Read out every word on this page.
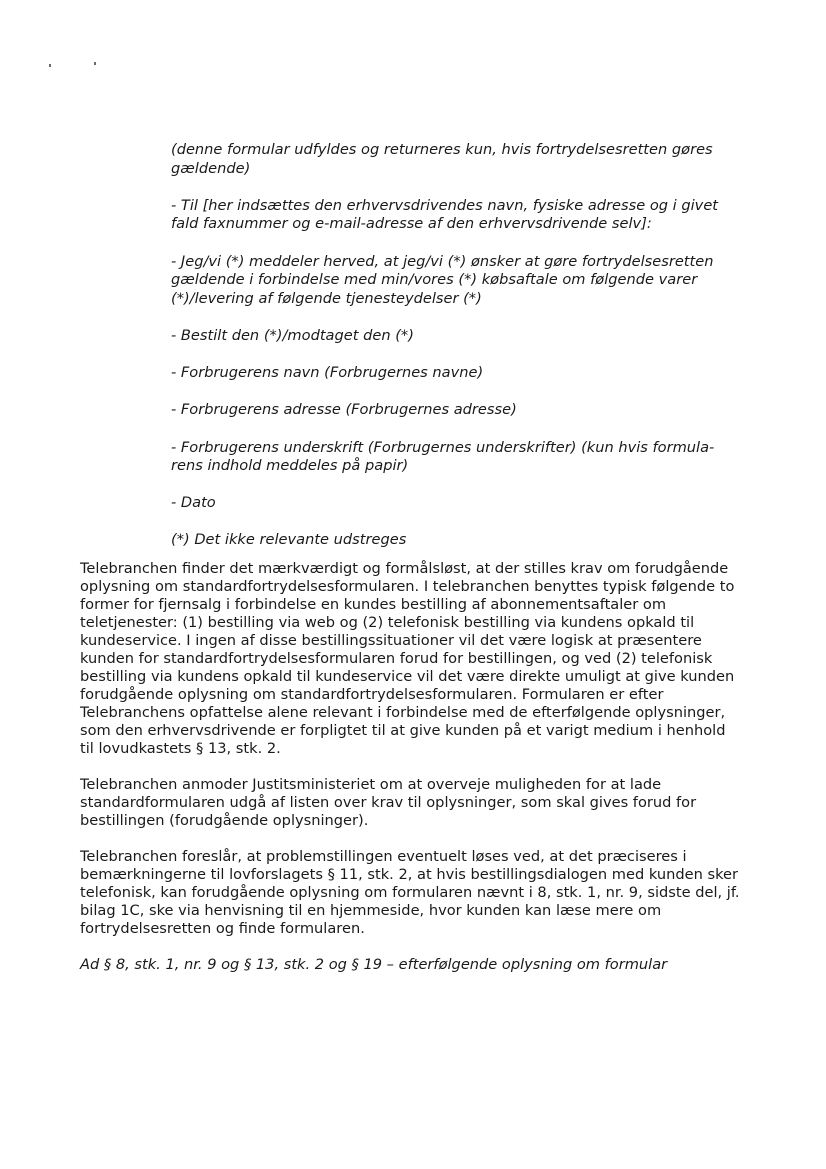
(denne formular udfyldes og returneres kun, hvis fortrydelsesretten gøres gældende)

- Til [her indsættes den erhvervsdrivendes navn, fysiske adresse og i givet fald faxnummer og e-mail-adresse af den erhvervsdrivende selv]:

- Jeg/vi (*) meddeler herved, at jeg/vi (*) ønsker at gøre fortrydelsesretten gældende i forbindelse med min/vores (*) købsaftale om følgende varer (*)/levering af følgende tjenesteydelser (*)

- Bestilt den (*)/modtaget den (*)

- Forbrugerens navn (Forbrugernes navne)

- Forbrugerens adresse (Forbrugernes adresse)

- Forbrugerens underskrift (Forbrugernes underskrifter) (kun hvis formula-rens indhold meddeles på papir)

- Dato

(*) Det ikke relevante udstreges

Telebranchen finder det mærkværdigt og formålsløst, at der stilles krav om forudgående oplysning om standardfortrydelsesformularen. I telebranchen benyttes typisk følgende to former for fjernsalg i forbindelse en kundes bestilling af abonnementsaftaler om teletjenester: (1) bestilling via web og (2) telefonisk bestilling via kundens opkald til kundeservice. I ingen af disse bestillingssituationer vil det være logisk at præsentere kunden for standardfortrydelsesformularen forud for bestillingen, og ved (2) telefonisk bestilling via kundens opkald til kundeservice vil det være direkte umuligt at give kunden forudgående oplysning om standardfortrydelsesformularen. Formularen er efter Telebranchens opfattelse alene relevant i forbindelse med de efterfølgende oplysninger, som den erhvervsdrivende er forpligtet til at give kunden på et varigt medium i henhold til lovudkastets § 13, stk. 2.

Telebranchen anmoder Justitsministeriet om at overveje muligheden for at lade standardformularen udgå af listen over krav til oplysninger, som skal gives forud for bestillingen (forudgående oplysninger).

Telebranchen foreslår, at problemstillingen eventuelt løses ved, at det præciseres i bemærkningerne til lovforslagets § 11, stk. 2, at hvis bestillingsdialogen med kunden sker telefonisk, kan forudgående oplysning om formularen nævnt i 8, stk. 1, nr. 9, sidste del, jf. bilag 1C, ske via henvisning til en hjemmeside, hvor kunden kan læse mere om fortrydelsesretten og finde formularen.

Ad § 8, stk. 1, nr. 9 og § 13, stk. 2 og § 19 – efterfølgende oplysning om formular
